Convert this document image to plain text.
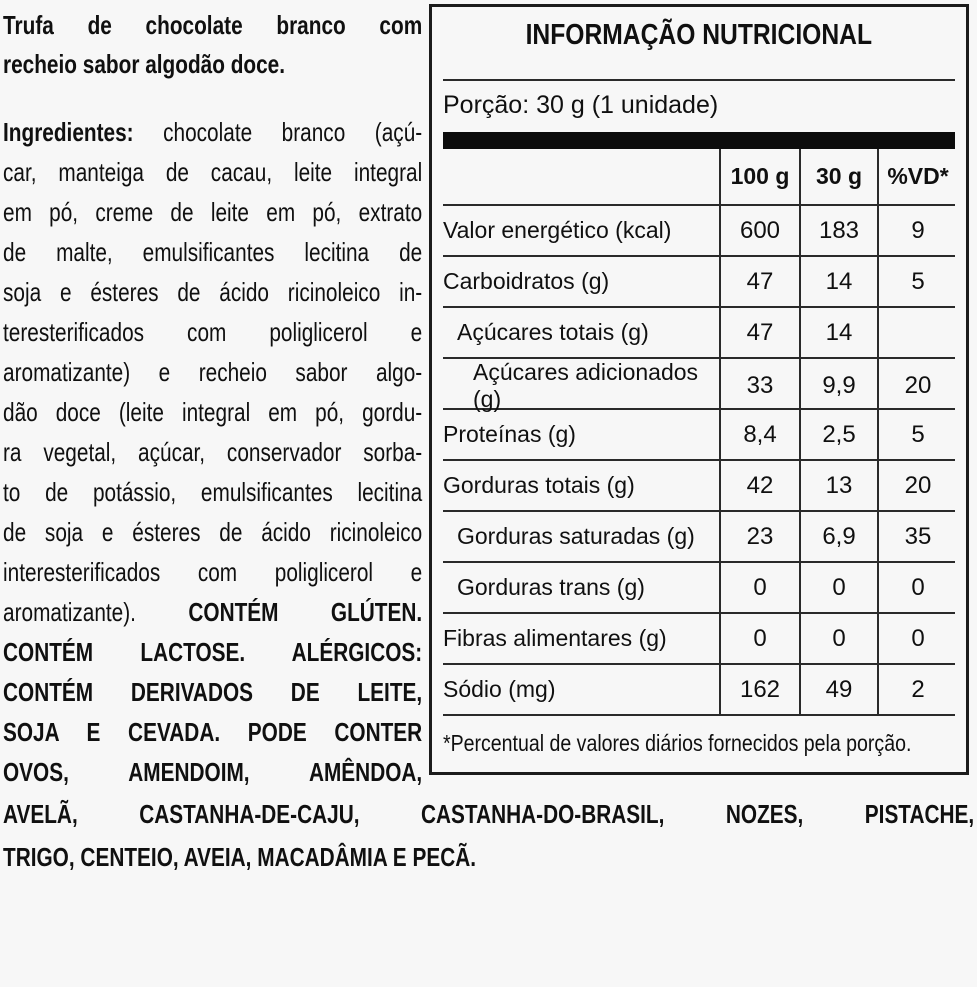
Trufa de chocolate branco com
recheio sabor algodão doce.
Ingredientes: chocolate branco (açú-
car, manteiga de cacau, leite integral
em pó, creme de leite em pó, extrato
de malte, emulsificantes lecitina de
soja e ésteres de ácido ricinoleico in-
teresterificados com poliglicerol e
aromatizante) e recheio sabor algo-
dão doce (leite integral em pó, gordu-
ra vegetal, açúcar, conservador sorba-
to de potássio, emulsificantes lecitina
de soja e ésteres de ácido ricinoleico
interesterificados com poliglicerol e
aromatizante). CONTÉM GLÚTEN.
CONTÉM LACTOSE. ALÉRGICOS:
CONTÉM DERIVADOS DE LEITE,
SOJA E CEVADA. PODE CONTER
OVOS, AMENDOIM, AMÊNDOA,
AVELÃ, CASTANHA-DE-CAJU, CASTANHA-DO-BRASIL, NOZES, PISTACHE,
TRIGO, CENTEIO, AVEIA, MACADÂMIA E PECÃ.
INFORMAÇÃO NUTRICIONAL
Porção: 30 g (1 unidade)
100 g	30 g	%VD*
Valor energético (kcal)	600	183	9
Carboidratos (g)	47	14	5
Açúcares totais (g)	47	14
Açúcares adicionados (g)	33	9,9	20
Proteínas (g)	8,4	2,5	5
Gorduras totais (g)	42	13	20
Gorduras saturadas (g)	23	6,9	35
Gorduras trans (g)	0	0	0
Fibras alimentares (g)	0	0	0
Sódio (mg)	162	49	2
*Percentual de valores diários fornecidos pela porção.
